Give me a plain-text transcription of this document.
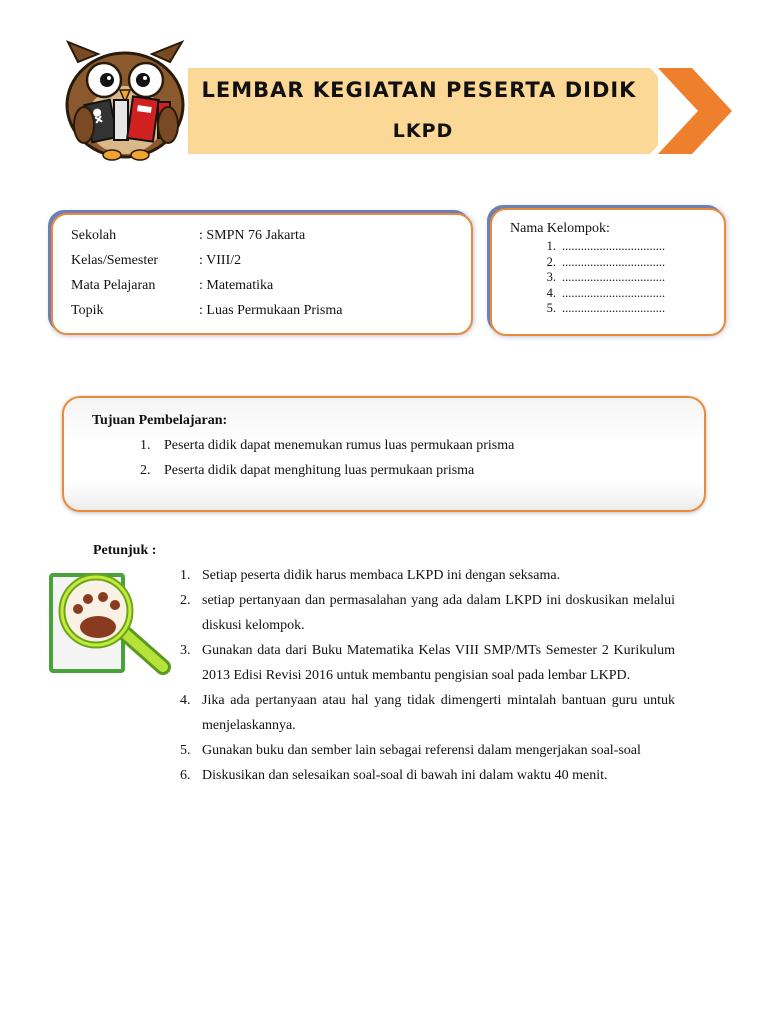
LEMBAR KEGIATAN PESERTA DIDIK
LKPD
Sekolah	: SMPN 76 Jakarta
Kelas/Semester	: VIII/2
Mata Pelajaran	: Matematika
Topik	: Luas Permukaan Prisma
Nama Kelompok:
1. .................................
2. .................................
3. .................................
4. .................................
5. .................................
Tujuan Pembelajaran:
1. Peserta didik dapat menemukan rumus luas permukaan prisma
2. Peserta didik dapat menghitung luas permukaan prisma
Petunjuk :
1. Setiap peserta didik harus membaca LKPD ini dengan seksama.
2. setiap pertanyaan dan permasalahan yang ada dalam LKPD ini doskusikan melalui diskusi kelompok.
3. Gunakan data dari Buku Matematika Kelas VIII SMP/MTs Semester 2 Kurikulum 2013 Edisi Revisi 2016 untuk membantu pengisian soal pada lembar LKPD.
4. Jika ada pertanyaan atau hal yang tidak dimengerti mintalah bantuan guru untuk menjelaskannya.
5. Gunakan buku dan sember lain sebagai referensi dalam mengerjakan soal-soal
6. Diskusikan dan selesaikan soal-soal di bawah ini dalam waktu 40 menit.
